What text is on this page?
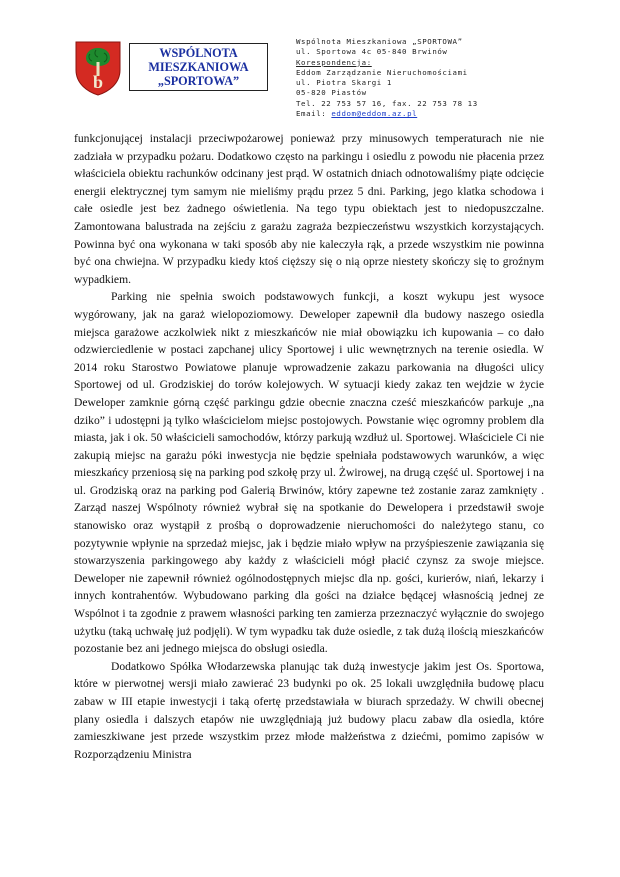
b
WSPÓLNOTA
MIESZKANIOWA
„SPORTOWA”
Wspólnota Mieszkaniowa „SPORTOWA”
ul. Sportowa 4c 05-840 Brwinów
Korespondencja:
Eddom Zarządzanie Nieruchomościami
ul. Piotra Skargi 1
05-820 Piastów
Tel. 22 753 57 16, fax. 22 753 78 13
Email: eddom@eddom.az.pl

funkcjonującej instalacji przeciwpożarowej ponieważ przy minusowych temperaturach nie nie zadziała w przypadku pożaru. Dodatkowo często na parkingu i osiedlu z powodu nie płacenia przez właściciela obiektu rachunków odcinany jest prąd. W ostatnich dniach odnotowaliśmy piąte odcięcie energii elektrycznej tym samym nie mieliśmy prądu przez 5 dni. Parking, jego klatka schodowa i całe osiedle jest bez żadnego oświetlenia. Na tego typu obiektach jest to niedopuszczalne. Zamontowana balustrada na zejściu z garażu zagraża bezpieczeństwu wszystkich korzystających. Powinna być ona wykonana w taki sposób aby nie kaleczyła rąk, a przede wszystkim nie powinna być ona chwiejna. W przypadku kiedy ktoś cięższy się o nią oprze niestety skończy się to groźnym wypadkiem.

Parking nie spełnia swoich podstawowych funkcji, a koszt wykupu jest wysoce wygórowany, jak na garaż wielopoziomowy. Deweloper zapewnił dla budowy naszego osiedla miejsca garażowe aczkolwiek nikt z mieszkańców nie miał obowiązku ich kupowania – co dało odzwierciedlenie w postaci zapchanej ulicy Sportowej i ulic wewnętrznych na terenie osiedla. W 2014 roku Starostwo Powiatowe planuje wprowadzenie zakazu parkowania na długości ulicy Sportowej od ul. Grodziskiej do torów kolejowych. W sytuacji kiedy zakaz ten wejdzie w życie Deweloper zamknie górną część parkingu gdzie obecnie znaczna cześć mieszkańców parkuje „na dziko” i udostępni ją tylko właścicielom miejsc postojowych. Powstanie więc ogromny problem dla miasta, jak i ok. 50 właścicieli samochodów, którzy parkują wzdłuż ul. Sportowej. Właściciele Ci nie zakupią miejsc na garażu póki inwestycja nie będzie spełniała podstawowych warunków, a więc mieszkańcy przeniosą się na parking pod szkołę przy ul. Żwirowej, na drugą część ul. Sportowej i na ul. Grodziską oraz na parking pod Galerią Brwinów, który zapewne też zostanie zaraz zamknięty . Zarząd naszej Wspólnoty również wybrał się na spotkanie do Dewelopera i przedstawił swoje stanowisko oraz wystąpił z prośbą o doprowadzenie nieruchomości do należytego stanu, co pozytywnie wpłynie na sprzedaż miejsc, jak i będzie miało wpływ na przyśpieszenie zawiązania się stowarzyszenia parkingowego aby każdy z właścicieli mógł płacić czynsz za swoje miejsce. Deweloper nie zapewnił również ogólnodostępnych miejsc dla np. gości, kurierów, niań, lekarzy i innych kontrahentów. Wybudowano parking dla gości na działce będącej własnością jednej ze Wspólnot i ta zgodnie z prawem własności parking ten zamierza przeznaczyć wyłącznie do swojego użytku (taką uchwałę już podjęli). W tym wypadku tak duże osiedle, z tak dużą ilością mieszkańców pozostanie bez ani jednego miejsca do obsługi osiedla.

Dodatkowo Spółka Włodarzewska planując tak dużą inwestycje jakim jest Os. Sportowa, które w pierwotnej wersji miało zawierać 23 budynki po ok. 25 lokali uwzględniła budowę placu zabaw w III etapie inwestycji i taką ofertę przedstawiała w biurach sprzedaży. W chwili obecnej plany osiedla i dalszych etapów nie uwzględniają już budowy placu zabaw dla osiedla, które zamieszkiwane jest przede wszystkim przez młode małżeństwa z dziećmi, pomimo zapisów w Rozporządzeniu Ministra
